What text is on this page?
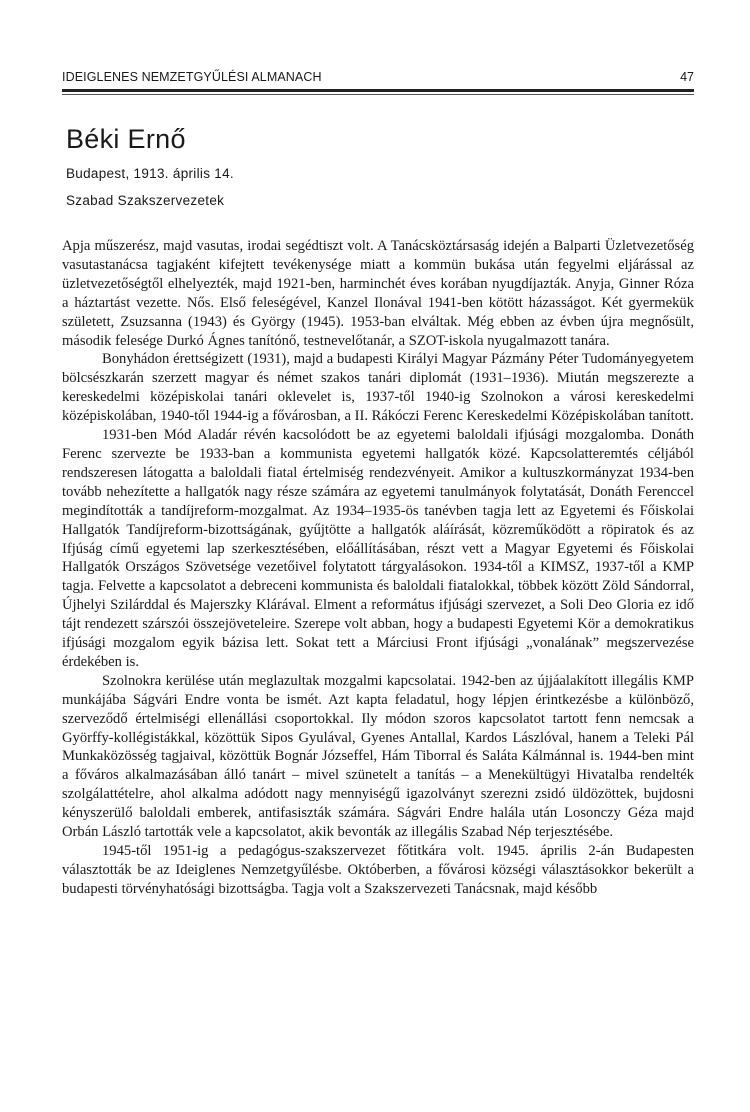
IDEIGLENES NEMZETGYŰLÉSI ALMANACH	47
Béki Ernő
Budapest, 1913. április 14.
Szabad Szakszervezetek

Apja műszerész, majd vasutas, irodai segédtiszt volt. A Tanácsköztársaság idején a Balparti Üzletvezetőség vasutastanácsa tagjaként kifejtett tevékenysége miatt a kommün bukása után fegyelmi eljárással az üzletvezetőségtől elhelyezték, majd 1921-ben, harminchét éves korában nyugdíjazták. Anyja, Ginner Róza a háztartást vezette. Nős. Első feleségével, Kanzel Ilonával 1941-ben kötött házasságot. Két gyermekük született, Zsuzsanna (1943) és György (1945). 1953-ban elváltak. Még ebben az évben újra megnősült, második felesége Durkó Ágnes tanítónő, testnevelőtanár, a SZOT-iskola nyugalmazott tanára.

Bonyhádon érettségizett (1931), majd a budapesti Királyi Magyar Pázmány Péter Tudományegyetem bölcsészkarán szerzett magyar és német szakos tanári diplomát (1931–1936). Miután megszerezte a kereskedelmi középiskolai tanári oklevelet is, 1937-től 1940-ig Szolnokon a városi kereskedelmi középiskolában, 1940-től 1944-ig a fővárosban, a II. Rákóczi Ferenc Kereskedelmi Középiskolában tanított.

1931-ben Mód Aladár révén kacsolódott be az egyetemi baloldali ifjúsági mozgalomba. Donáth Ferenc szervezte be 1933-ban a kommunista egyetemi hallgatók közé. Kapcsolatteremtés céljából rendszeresen látogatta a baloldali fiatal értelmiség rendezvényeit. Amikor a kultuszkormányzat 1934-ben tovább nehezítette a hallgatók nagy része számára az egyetemi tanulmányok folytatását, Donáth Ferenccel megindították a tandíjreform-mozgalmat. Az 1934–1935-ös tanévben tagja lett az Egyetemi és Főiskolai Hallgatók Tandíjreform-bizottságának, gyűjtötte a hallgatók aláírását, közreműködött a röpiratok és az Ifjúság című egyetemi lap szerkesztésében, előállításában, részt vett a Magyar Egyetemi és Főiskolai Hallgatók Országos Szövetsége vezetőivel folytatott tárgyalásokon. 1934-től a KIMSZ, 1937-től a KMP tagja. Felvette a kapcsolatot a debreceni kommunista és baloldali fiatalokkal, többek között Zöld Sándorral, Újhelyi Szilárddal és Majerszky Klárával. Elment a református ifjúsági szervezet, a Soli Deo Gloria ez idő tájt rendezett szárszói összejöveteleire. Szerepe volt abban, hogy a budapesti Egyetemi Kör a demokratikus ifjúsági mozgalom egyik bázisa lett. Sokat tett a Márciusi Front ifjúsági „vonalának” megszervezése érdekében is.

Szolnokra kerülése után meglazultak mozgalmi kapcsolatai. 1942-ben az újjáalakított illegális KMP munkájába Ságvári Endre vonta be ismét. Azt kapta feladatul, hogy lépjen érintkezésbe a különböző, szerveződő értelmiségi ellenállási csoportokkal. Ily módon szoros kapcsolatot tartott fenn nemcsak a Györffy-kollégistákkal, közöttük Sipos Gyulával, Gyenes Antallal, Kardos Lászlóval, hanem a Teleki Pál Munkaközösség tagjaival, közöttük Bognár Józseffel, Hám Tiborral és Saláta Kálmánnal is. 1944-ben mint a főváros alkalmazásában álló tanárt – mivel szünetelt a tanítás – a Menekültügyi Hivatalba rendelték szolgálattételre, ahol alkalma adódott nagy mennyiségű igazolványt szerezni zsidó üldözöttek, bujdosni kényszerülő baloldali emberek, antifasiszták számára. Ságvári Endre halála után Losonczy Géza majd Orbán László tartották vele a kapcsolatot, akik bevonták az illegális Szabad Nép terjesztésébe.

1945-től 1951-ig a pedagógus-szakszervezet főtitkára volt. 1945. április 2-án Budapesten választották be az Ideiglenes Nemzetgyűlésbe. Októberben, a fővárosi községi választásokkor bekerült a budapesti törvényhatósági bizottságba. Tagja volt a Szakszervezeti Tanácsnak, majd később
